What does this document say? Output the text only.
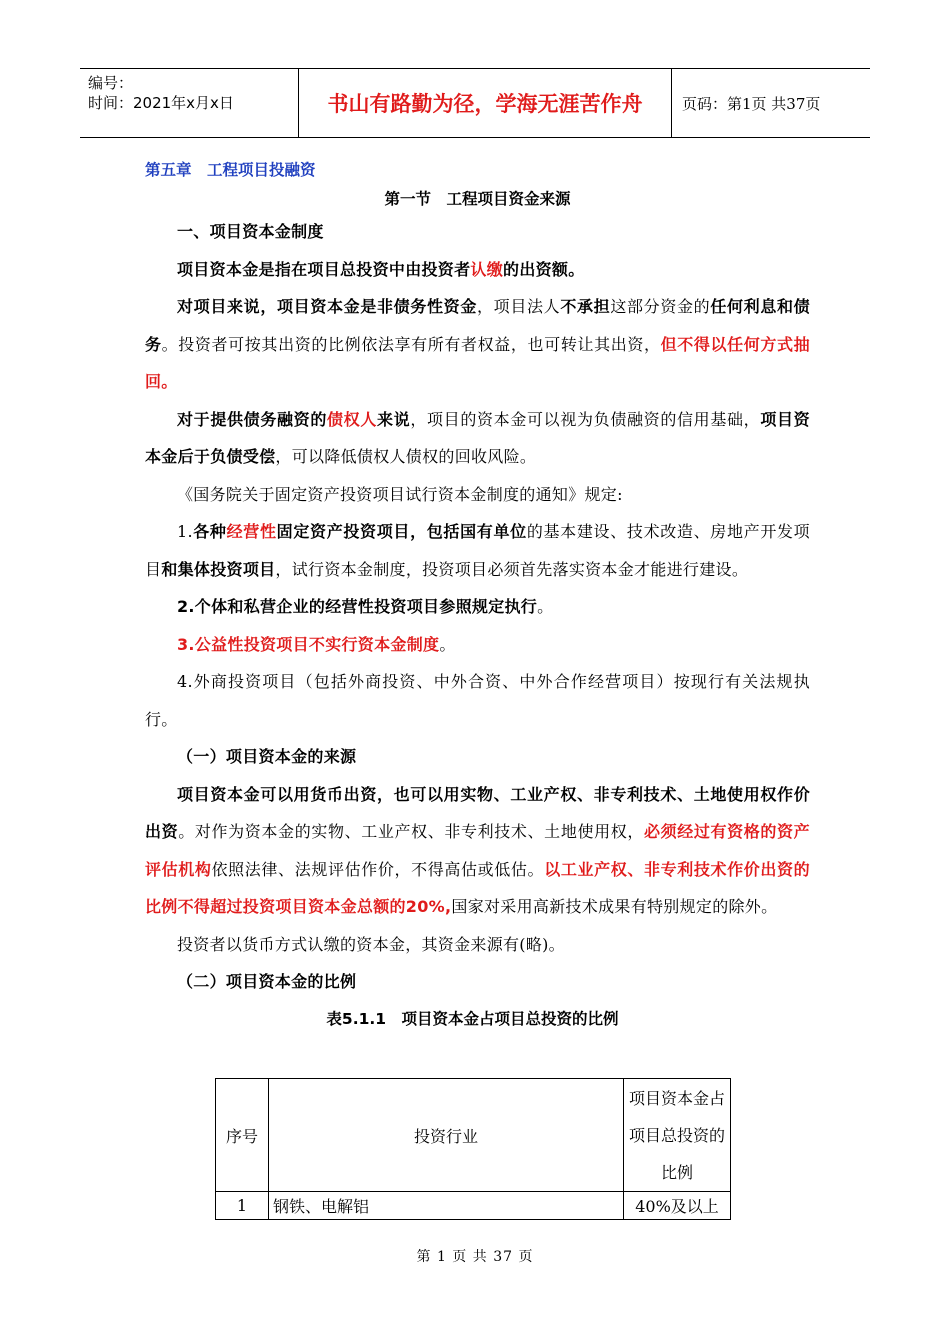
编号：
时间：2021年x月x日	书山有路勤为径，学海无涯苦作舟	页码：第1页 共37页
第五章　工程项目投融资
第一节　工程项目资金来源

一、项目资本金制度

项目资本金是指在项目总投资中由投资者认缴的出资额。

对项目来说，项目资本金是非债务性资金，项目法人不承担这部分资金的任何利息和债务。投资者可按其出资的比例依法享有所有者权益，也可转让其出资，但不得以任何方式抽回。

对于提供债务融资的债权人来说，项目的资本金可以视为负债融资的信用基础，项目资本金后于负债受偿，可以降低债权人债权的回收风险。

《国务院关于固定资产投资项目试行资本金制度的通知》规定:

1.各种经营性固定资产投资项目，包括国有单位的基本建设、技术改造、房地产开发项目和集体投资项目，试行资本金制度，投资项目必须首先落实资本金才能进行建设。

2.个体和私营企业的经营性投资项目参照规定执行。

3.公益性投资项目不实行资本金制度。

4.外商投资项目（包括外商投资、中外合资、中外合作经营项目）按现行有关法规执行。

（一）项目资本金的来源

项目资本金可以用货币出资，也可以用实物、工业产权、非专利技术、土地使用权作价出资。对作为资本金的实物、工业产权、非专利技术、土地使用权，必须经过有资格的资产评估机构依照法律、法规评估作价，不得高估或低估。以工业产权、非专利技术作价出资的比例不得超过投资项目资本金总额的20%,国家对采用高新技术成果有特别规定的除外。

投资者以货币方式认缴的资本金，其资金来源有(略)。

（二）项目资本金的比例

表5.1.1　项目资本金占项目总投资的比例
序号	投资行业	项目资本金占项目总投资的比例
1	钢铁、电解铝	40%及以上
第 1 页 共 37 页
